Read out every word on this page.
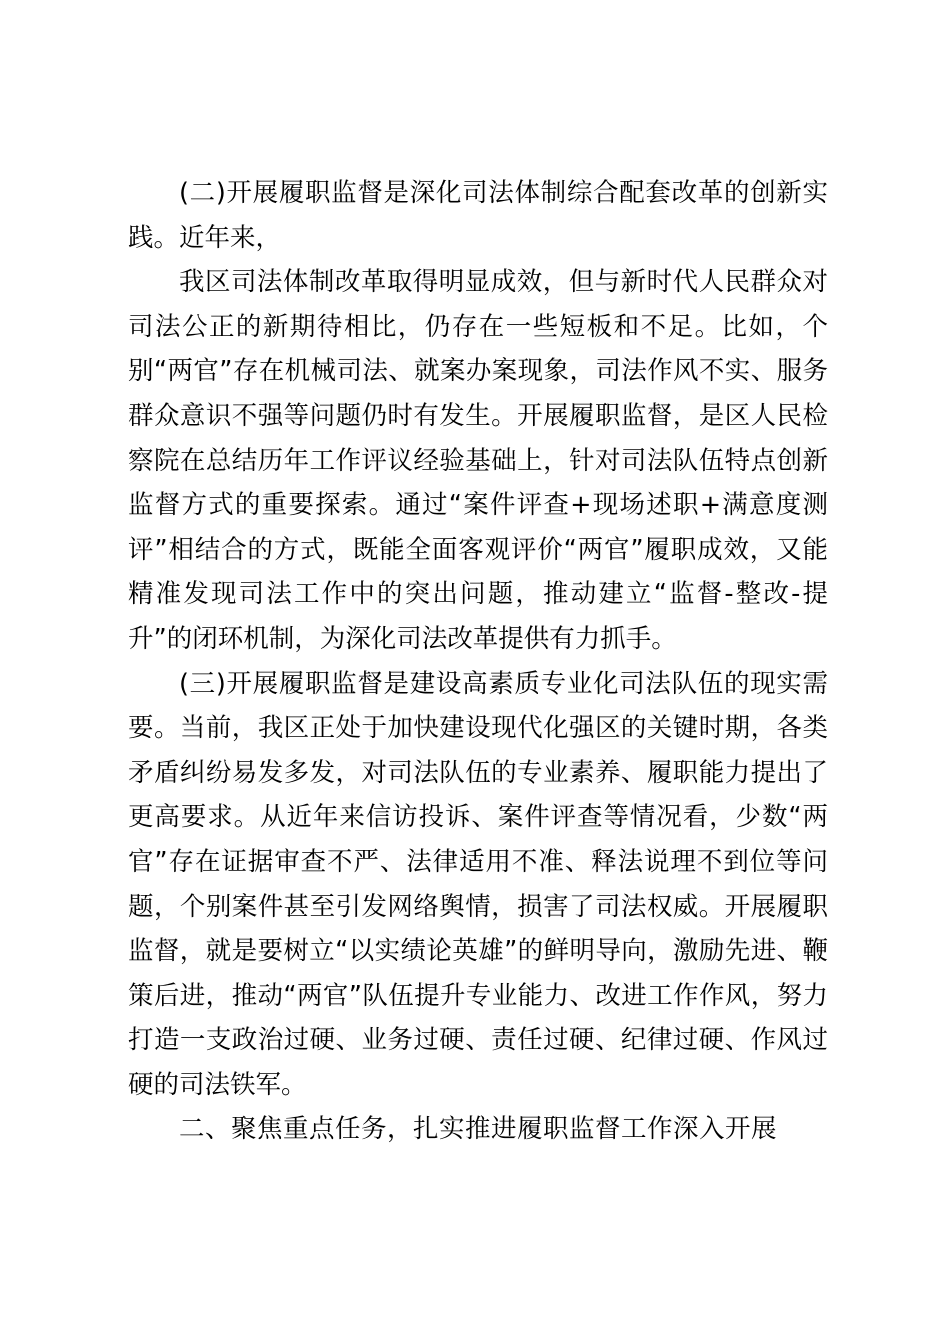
(二)开展履职监督是深化司法体制综合配套改革的创新实践。近年来，

我区司法体制改革取得明显成效，但与新时代人民群众对司法公正的新期待相比，仍存在一些短板和不足。比如，个别“两官”存在机械司法、就案办案现象，司法作风不实、服务群众意识不强等问题仍时有发生。开展履职监督，是区人民检察院在总结历年工作评议经验基础上，针对司法队伍特点创新监督方式的重要探索。通过“案件评查+现场述职+满意度测评”相结合的方式，既能全面客观评价“两官”履职成效，又能精准发现司法工作中的突出问题，推动建立“监督-整改-提升”的闭环机制，为深化司法改革提供有力抓手。

(三)开展履职监督是建设高素质专业化司法队伍的现实需要。当前，我区正处于加快建设现代化强区的关键时期，各类矛盾纠纷易发多发，对司法队伍的专业素养、履职能力提出了更高要求。从近年来信访投诉、案件评查等情况看，少数“两官”存在证据审查不严、法律适用不准、释法说理不到位等问题，个别案件甚至引发网络舆情，损害了司法权威。开展履职监督，就是要树立“以实绩论英雄”的鲜明导向，激励先进、鞭策后进，推动“两官”队伍提升专业能力、改进工作作风，努力打造一支政治过硬、业务过硬、责任过硬、纪律过硬、作风过硬的司法铁军。

二、聚焦重点任务，扎实推进履职监督工作深入开展
